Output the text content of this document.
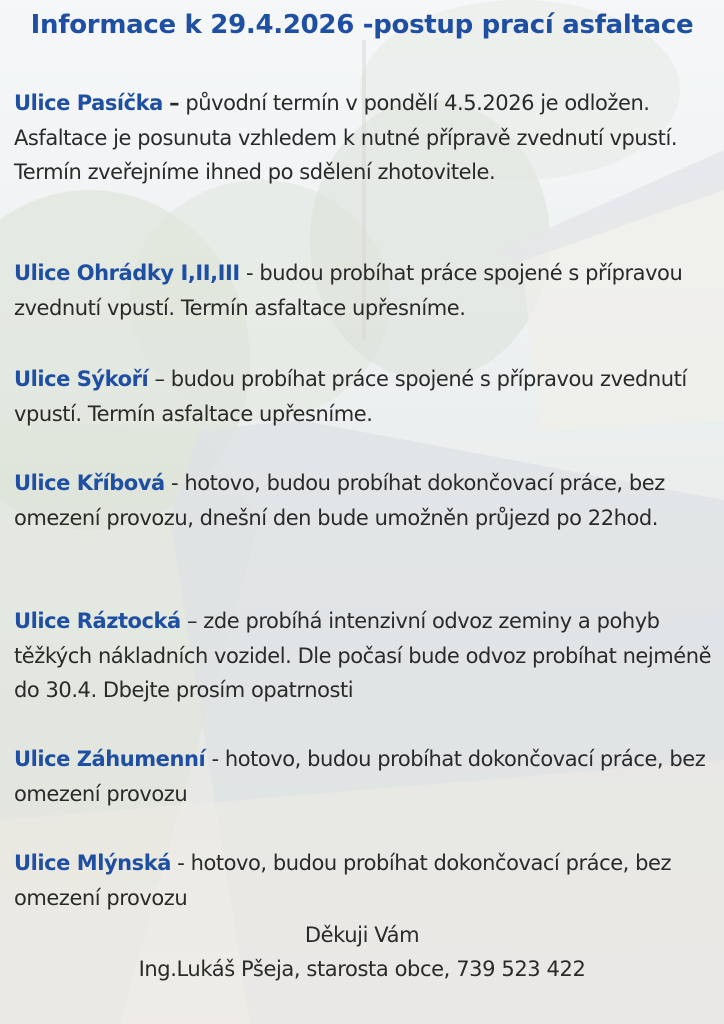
Informace k 29.4.2026 -postup prací asfaltace
Ulice Pasíčka – původní termín v pondělí 4.5.2026 je odložen. Asfaltace je posunuta vzhledem k nutné přípravě zvednutí vpustí. Termín zveřejníme ihned po sdělení zhotovitele.
Ulice Ohrádky I,II,III - budou probíhat práce spojené s přípravou zvednutí vpustí. Termín asfaltace upřesníme.
Ulice Sýkoří – budou probíhat práce spojené s přípravou zvednutí vpustí. Termín asfaltace upřesníme.
Ulice Kříbová - hotovo, budou probíhat dokončovací práce, bez omezení provozu, dnešní den bude umožněn průjezd po 22hod.
Ulice Ráztocká – zde probíhá intenzivní odvoz zeminy a pohyb těžkých nákladních vozidel. Dle počasí bude odvoz probíhat nejméně do 30.4. Dbejte prosím opatrnosti
Ulice Záhumenní - hotovo, budou probíhat dokončovací práce, bez omezení provozu
Ulice Mlýnská - hotovo, budou probíhat dokončovací práce, bez omezení provozu
Děkuji Vám
Ing.Lukáš Pšeja, starosta obce, 739 523 422
